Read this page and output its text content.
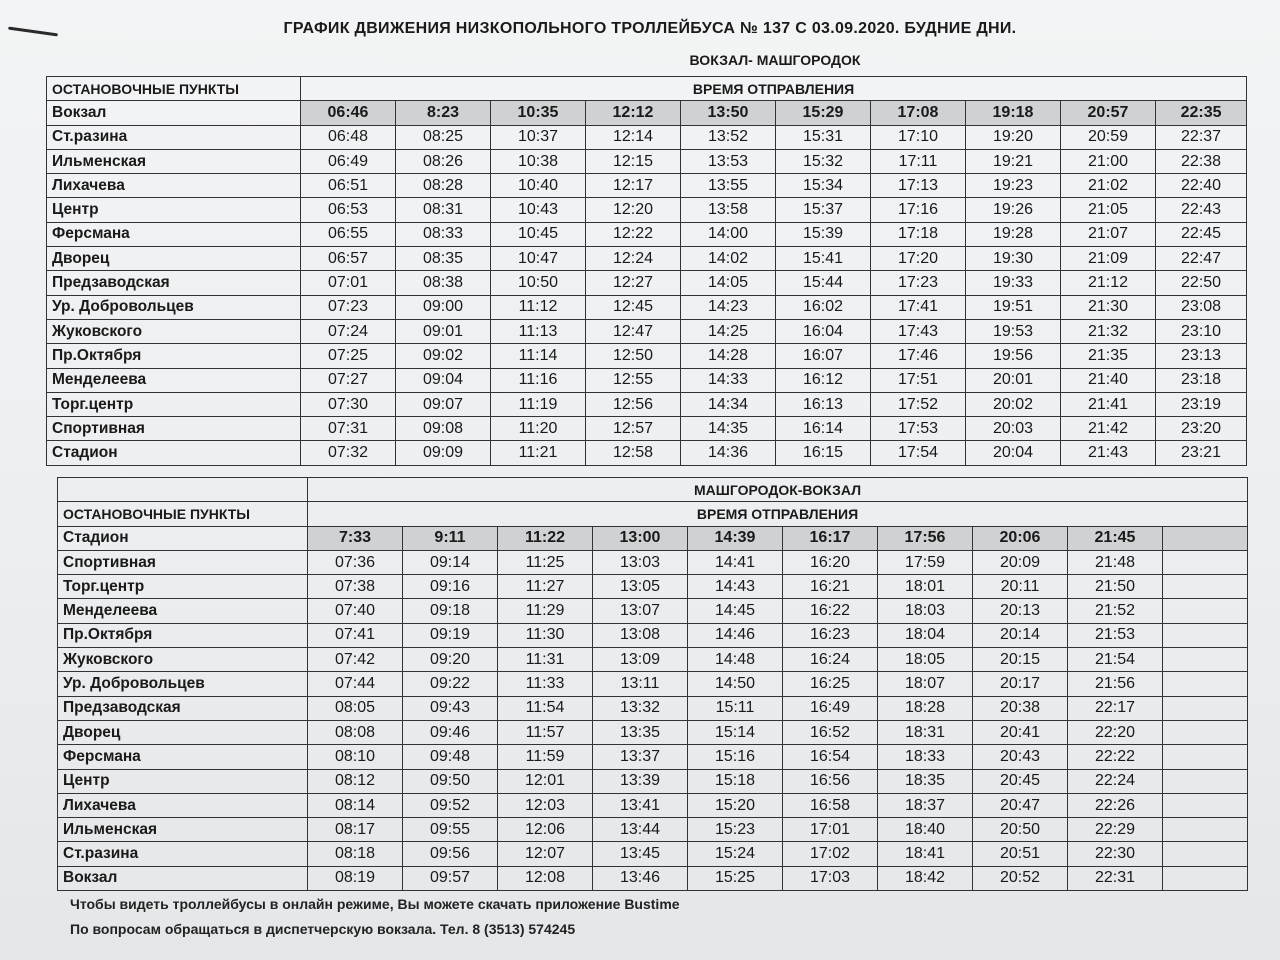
ГРАФИК ДВИЖЕНИЯ НИЗКОПОЛЬНОГО ТРОЛЛЕЙБУСА № 137 С 03.09.2020. БУДНИЕ ДНИ.
ВОКЗАЛ- МАШГОРОДОК
ОСТАНОВОЧНЫЕ ПУНКТЫ	ВРЕМЯ ОТПРАВЛЕНИЯ									
Вокзал	06:46	8:23	10:35	12:12	13:50	15:29	17:08	19:18	20:57	22:35
Ст.разина	06:48	08:25	10:37	12:14	13:52	15:31	17:10	19:20	20:59	22:37
Ильменская	06:49	08:26	10:38	12:15	13:53	15:32	17:11	19:21	21:00	22:38
Лихачева	06:51	08:28	10:40	12:17	13:55	15:34	17:13	19:23	21:02	22:40
Центр	06:53	08:31	10:43	12:20	13:58	15:37	17:16	19:26	21:05	22:43
Ферсмана	06:55	08:33	10:45	12:22	14:00	15:39	17:18	19:28	21:07	22:45
Дворец	06:57	08:35	10:47	12:24	14:02	15:41	17:20	19:30	21:09	22:47
Предзаводская	07:01	08:38	10:50	12:27	14:05	15:44	17:23	19:33	21:12	22:50
Ур. Добровольцев	07:23	09:00	11:12	12:45	14:23	16:02	17:41	19:51	21:30	23:08
Жуковского	07:24	09:01	11:13	12:47	14:25	16:04	17:43	19:53	21:32	23:10
Пр.Октября	07:25	09:02	11:14	12:50	14:28	16:07	17:46	19:56	21:35	23:13
Менделеева	07:27	09:04	11:16	12:55	14:33	16:12	17:51	20:01	21:40	23:18
Торг.центр	07:30	09:07	11:19	12:56	14:34	16:13	17:52	20:02	21:41	23:19
Спортивная	07:31	09:08	11:20	12:57	14:35	16:14	17:53	20:03	21:42	23:20
Стадион	07:32	09:09	11:21	12:58	14:36	16:15	17:54	20:04	21:43	23:21
	МАШГОРОДОК-ВОКЗАЛ									
ОСТАНОВОЧНЫЕ ПУНКТЫ	ВРЕМЯ ОТПРАВЛЕНИЯ									
Стадион	7:33	9:11	11:22	13:00	14:39	16:17	17:56	20:06	21:45	
Спортивная	07:36	09:14	11:25	13:03	14:41	16:20	17:59	20:09	21:48	
Торг.центр	07:38	09:16	11:27	13:05	14:43	16:21	18:01	20:11	21:50	
Менделеева	07:40	09:18	11:29	13:07	14:45	16:22	18:03	20:13	21:52	
Пр.Октября	07:41	09:19	11:30	13:08	14:46	16:23	18:04	20:14	21:53	
Жуковского	07:42	09:20	11:31	13:09	14:48	16:24	18:05	20:15	21:54	
Ур. Добровольцев	07:44	09:22	11:33	13:11	14:50	16:25	18:07	20:17	21:56	
Предзаводская	08:05	09:43	11:54	13:32	15:11	16:49	18:28	20:38	22:17	
Дворец	08:08	09:46	11:57	13:35	15:14	16:52	18:31	20:41	22:20	
Ферсмана	08:10	09:48	11:59	13:37	15:16	16:54	18:33	20:43	22:22	
Центр	08:12	09:50	12:01	13:39	15:18	16:56	18:35	20:45	22:24	
Лихачева	08:14	09:52	12:03	13:41	15:20	16:58	18:37	20:47	22:26	
Ильменская	08:17	09:55	12:06	13:44	15:23	17:01	18:40	20:50	22:29	
Ст.разина	08:18	09:56	12:07	13:45	15:24	17:02	18:41	20:51	22:30	
Вокзал	08:19	09:57	12:08	13:46	15:25	17:03	18:42	20:52	22:31	
Чтобы видеть троллейбусы в онлайн режиме, Вы можете скачать приложение Bustime
По вопросам обращаться в диспетчерскую вокзала. Тел. 8 (3513) 574245
